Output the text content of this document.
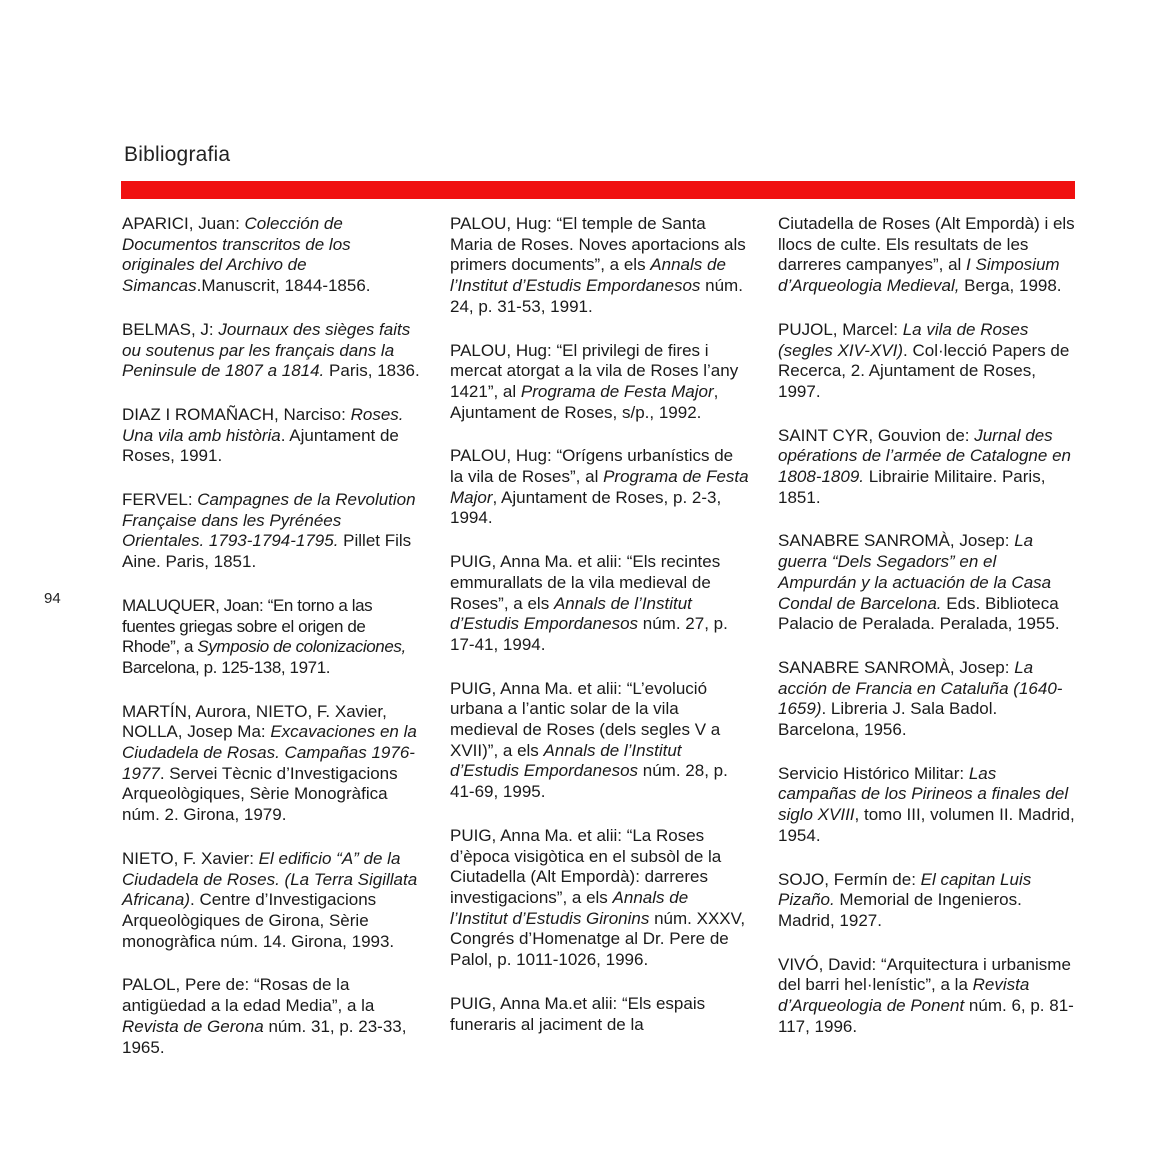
Bibliografia
94

APARICI, Juan: Colección de Documentos transcritos de los originales del Archivo de Simancas.Manuscrit, 1844-1856.

BELMAS, J: Journaux des sièges faits ou soutenus par les français dans la Peninsule de 1807 a 1814. Paris, 1836.

DIAZ I ROMAÑACH, Narciso: Roses. Una vila amb història. Ajuntament de Roses, 1991.

FERVEL: Campagnes de la Revolution Française dans les Pyrénées Orientales. 1793-1794-1795. Pillet Fils Aine. Paris, 1851.

MALUQUER, Joan: “En torno a las fuentes griegas sobre el origen de Rhode”, a Symposio de colonizaciones, Barcelona, p. 125-138, 1971.

MARTÍN, Aurora, NIETO, F. Xavier, NOLLA, Josep Ma: Excavaciones en la Ciudadela de Rosas. Campañas 1976-1977. Servei Tècnic d’Investigacions Arqueològiques, Sèrie Monogràfica núm. 2. Girona, 1979.

NIETO, F. Xavier: El edificio “A” de la Ciudadela de Roses. (La Terra Sigillata Africana). Centre d’Investigacions Arqueològiques de Girona, Sèrie monogràfica núm. 14. Girona, 1993.

PALOL, Pere de: “Rosas de la antigüedad a la edad Media”, a la Revista de Gerona núm. 31, p. 23-33, 1965.

PALOU, Hug: “El temple de Santa Maria de Roses. Noves aportacions als primers documents”, a els Annals de l’Institut d’Estudis Empordanesos núm. 24, p. 31-53, 1991.

PALOU, Hug: “El privilegi de fires i mercat atorgat a la vila de Roses l’any 1421”, al Programa de Festa Major, Ajuntament de Roses, s/p., 1992.

PALOU, Hug: “Orígens urbanístics de la vila de Roses”, al Programa de Festa Major, Ajuntament de Roses, p. 2-3, 1994.

PUIG, Anna Ma. et alii: “Els recintes emmurallats de la vila medieval de Roses”, a els Annals de l’Institut d’Estudis Empordanesos núm. 27, p. 17-41, 1994.

PUIG, Anna Ma. et alii: “L’evolució urbana a l’antic solar de la vila medieval de Roses (dels segles V a XVII)”, a els Annals de l’Institut d’Estudis Empordanesos núm. 28, p. 41-69, 1995.

PUIG, Anna Ma. et alii: “La Roses d’època visigòtica en el subsòl de la Ciutadella (Alt Empordà): darreres investigacions”, a els Annals de l’Institut d’Estudis Gironins núm. XXXV, Congrés d’Homenatge al Dr. Pere de Palol, p. 1011-1026, 1996.

PUIG, Anna Ma.et alii: “Els espais funeraris al jaciment de la

Ciutadella de Roses (Alt Empordà) i els llocs de culte. Els resultats de les darreres campanyes”, al I Simposium d’Arqueologia Medieval, Berga, 1998.

PUJOL, Marcel: La vila de Roses (segles XIV-XVI). Col·lecció Papers de Recerca, 2. Ajuntament de Roses, 1997.

SAINT CYR, Gouvion de: Jurnal des opérations de l’armée de Catalogne en 1808-1809. Librairie Militaire. Paris, 1851.

SANABRE SANROMÀ, Josep: La guerra “Dels Segadors” en el Ampurdán y la actuación de la Casa Condal de Barcelona. Eds. Biblioteca Palacio de Peralada. Peralada, 1955.

SANABRE SANROMÀ, Josep: La acción de Francia en Cataluña (1640-1659). Libreria J. Sala Badol. Barcelona, 1956.

Servicio Histórico Militar: Las campañas de los Pirineos a finales del siglo XVIII, tomo III, volumen II. Madrid, 1954.

SOJO, Fermín de: El capitan Luis Pizaño. Memorial de Ingenieros. Madrid, 1927.

VIVÓ, David: “Arquitectura i urbanisme del barri hel·lenístic”, a la Revista d’Arqueologia de Ponent núm. 6, p. 81-117, 1996.
